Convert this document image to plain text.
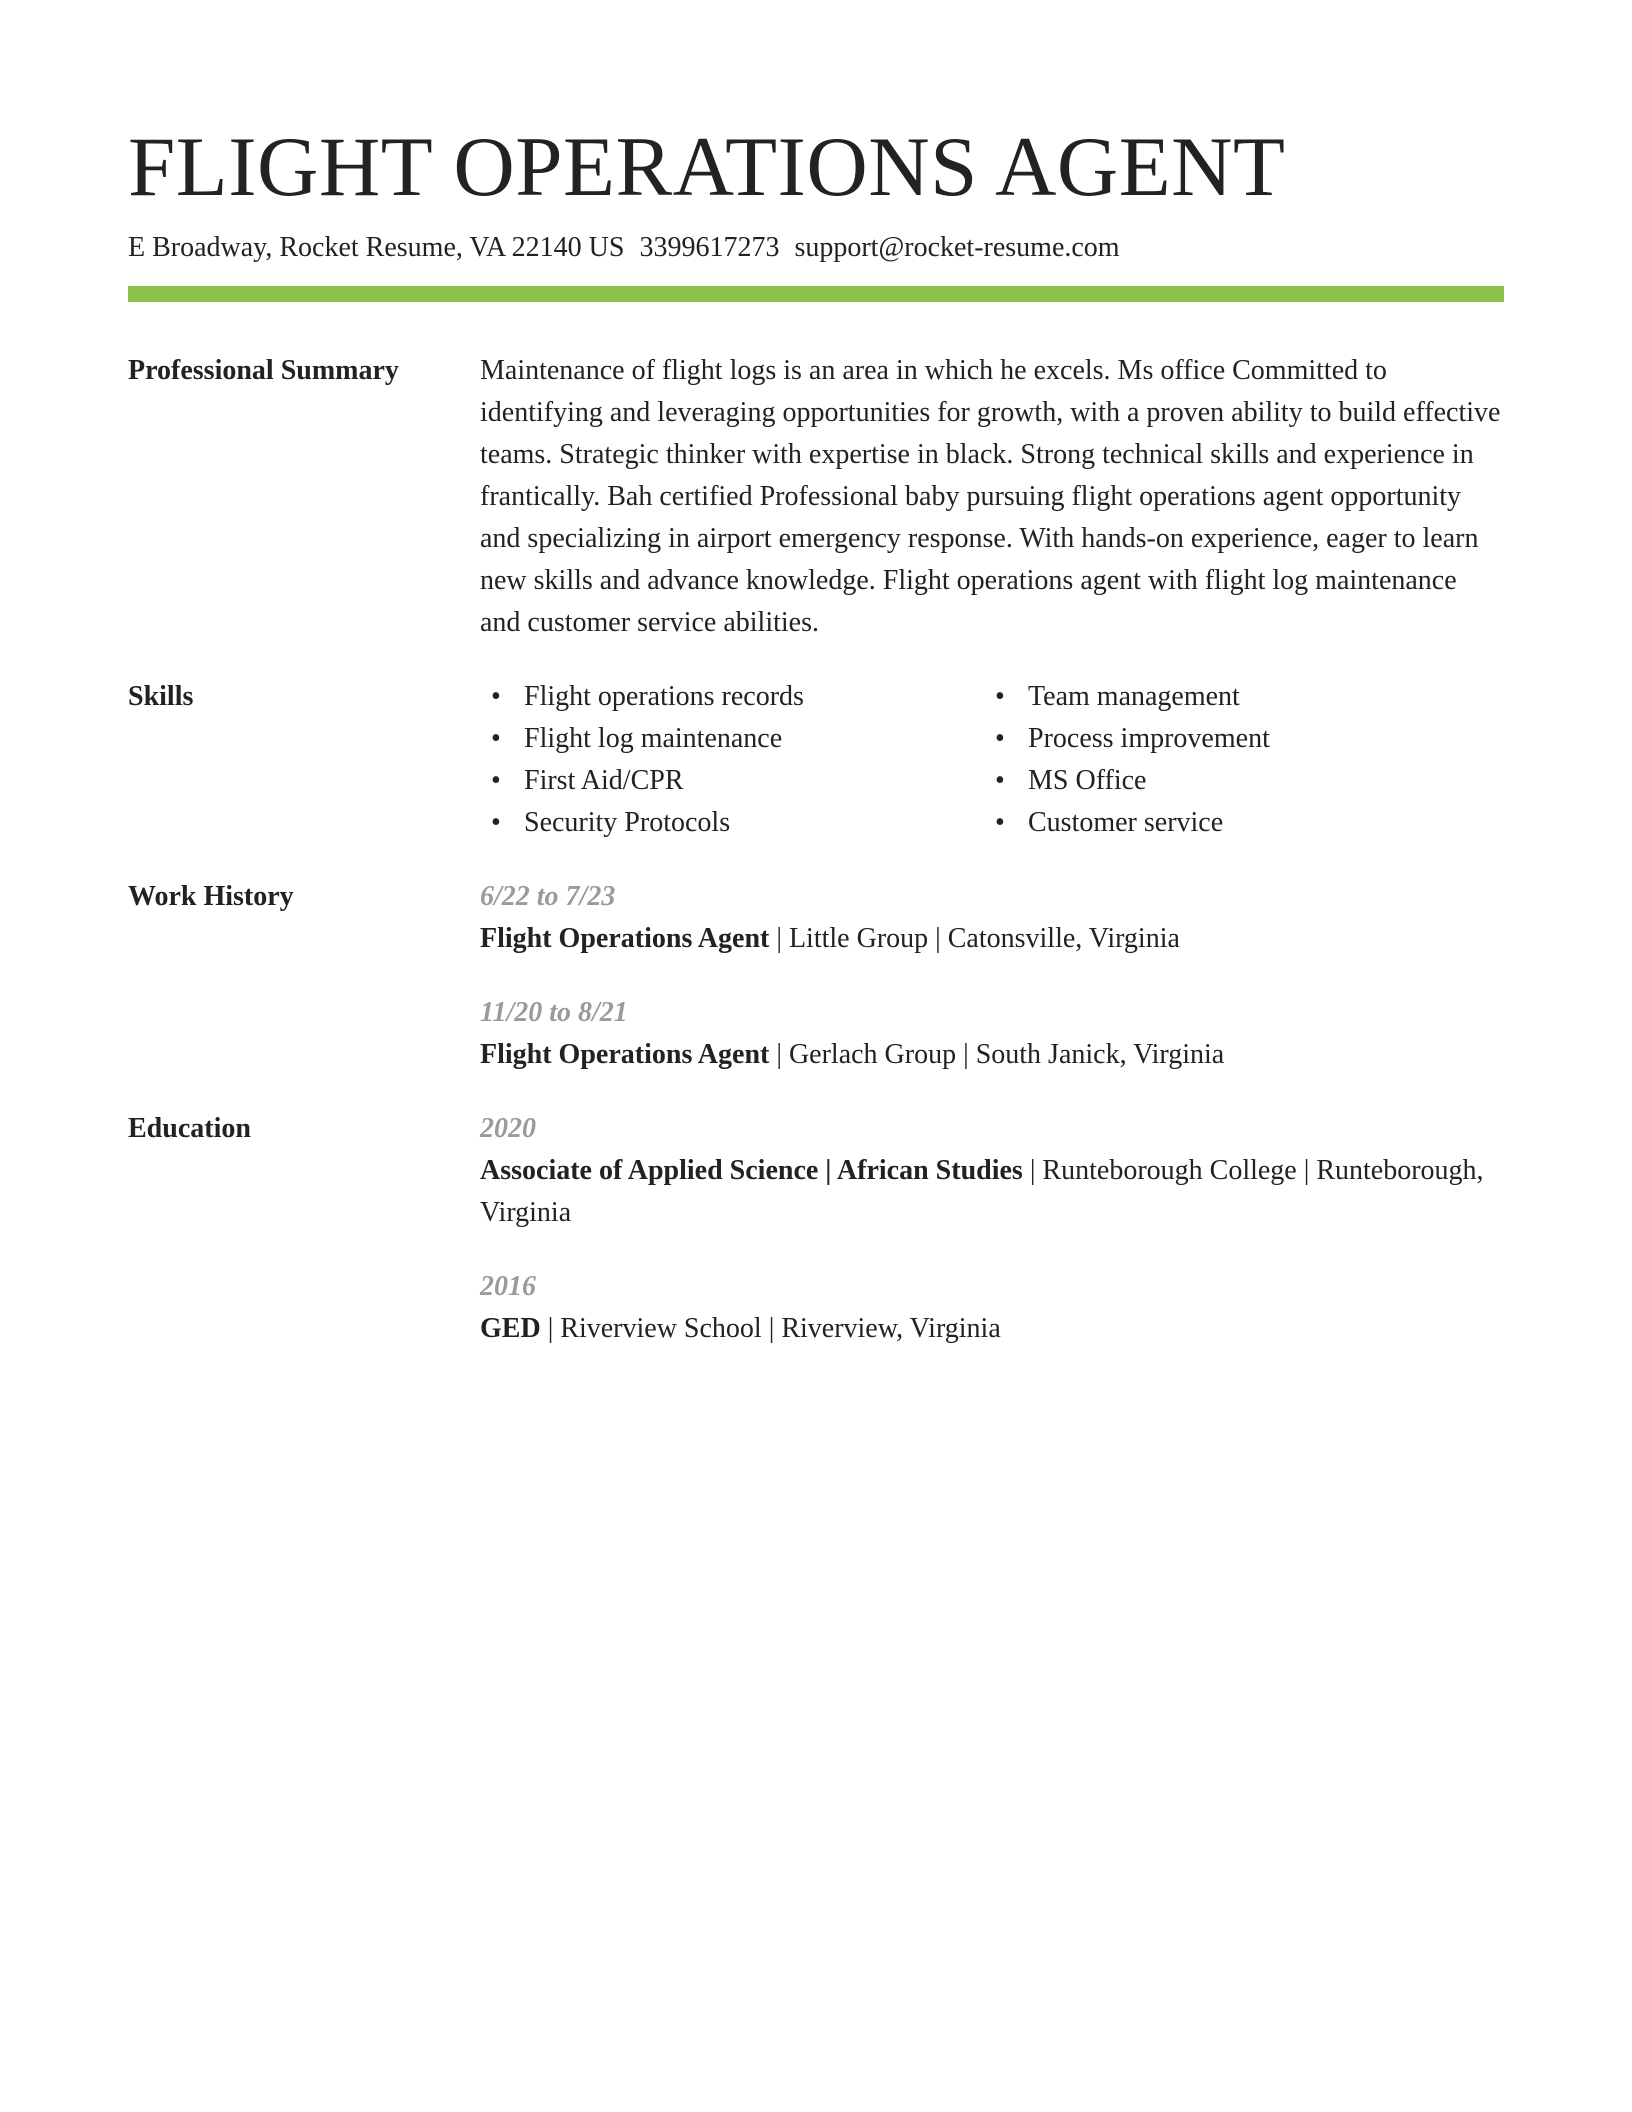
FLIGHT OPERATIONS AGENT
E Broadway, Rocket Resume, VA 22140 US 3399617273 support@rocket-resume.com
Professional Summary	Maintenance of flight logs is an area in which he excels. Ms office Committed to identifying and leveraging opportunities for growth, with a proven ability to build effective teams. Strategic thinker with expertise in black. Strong technical skills and experience in frantically. Bah certified Professional baby pursuing flight operations agent opportunity and specializing in airport emergency response. With hands-on experience, eager to learn new skills and advance knowledge. Flight operations agent with flight log maintenance and customer service abilities.
Skills	• Flight operations records
• Flight log maintenance
• First Aid/CPR
• Security Protocols
• Team management
• Process improvement
• MS Office
• Customer service
Work History	6/22 to 7/23
Flight Operations Agent | Little Group | Catonsville, Virginia
11/20 to 8/21
Flight Operations Agent | Gerlach Group | South Janick, Virginia
Education	2020
Associate of Applied Science | African Studies | Runteborough College | Runteborough, Virginia
2016
GED | Riverview School | Riverview, Virginia
